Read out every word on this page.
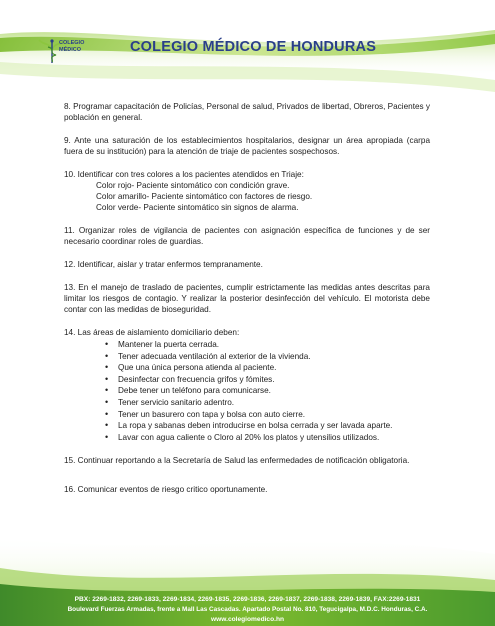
COLEGIO
MÉDICO	COLEGIO MÉDICO DE HONDURAS

8. Programar capacitación de Policías, Personal de salud, Privados de libertad, Obreros, Pacientes y población en general.

9. Ante una saturación de los establecimientos hospitalarios, designar un área apropiada (carpa fuera de su institución) para la atención de triaje de pacientes sospechosos.

10. Identificar con tres colores a los pacientes atendidos en Triaje:
Color rojo- Paciente sintomático con condición grave.
Color amarillo- Paciente sintomático con factores de riesgo.
Color verde- Paciente sintomático sin signos de alarma.

11. Organizar roles de vigilancia de pacientes con asignación específica de funciones y de ser necesario coordinar roles de guardias.

12. Identificar, aislar y tratar enfermos tempranamente.

13. En el manejo de traslado de pacientes, cumplir estrictamente las medidas antes descritas para limitar los riesgos de contagio. Y realizar la posterior desinfección del vehículo. El motorista debe contar con las medidas de bioseguridad.

14. Las áreas de aislamiento domiciliario deben:
• Mantener la puerta cerrada.
• Tener adecuada ventilación al exterior de la vivienda.
• Que una única persona atienda al paciente.
• Desinfectar con frecuencia grifos y fómites.
• Debe tener un teléfono para comunicarse.
• Tener servicio sanitario adentro.
• Tener un basurero con tapa y bolsa con auto cierre.
• La ropa y sabanas deben introducirse en bolsa cerrada y ser lavada aparte.
• Lavar con agua caliente o Cloro al 20% los platos y utensilios utilizados.

15. Continuar reportando a la Secretaría de Salud las enfermedades de notificación obligatoria.

16. Comunicar eventos de riesgo critico oportunamente.

PBX: 2269-1832, 2269-1833, 2269-1834, 2269-1835, 2269-1836, 2269-1837, 2269-1838, 2269-1839, FAX:2269-1831
Boulevard Fuerzas Armadas, frente a Mall Las Cascadas. Apartado Postal No. 810, Tegucigalpa, M.D.C. Honduras, C.A.
www.colegiomedico.hn
